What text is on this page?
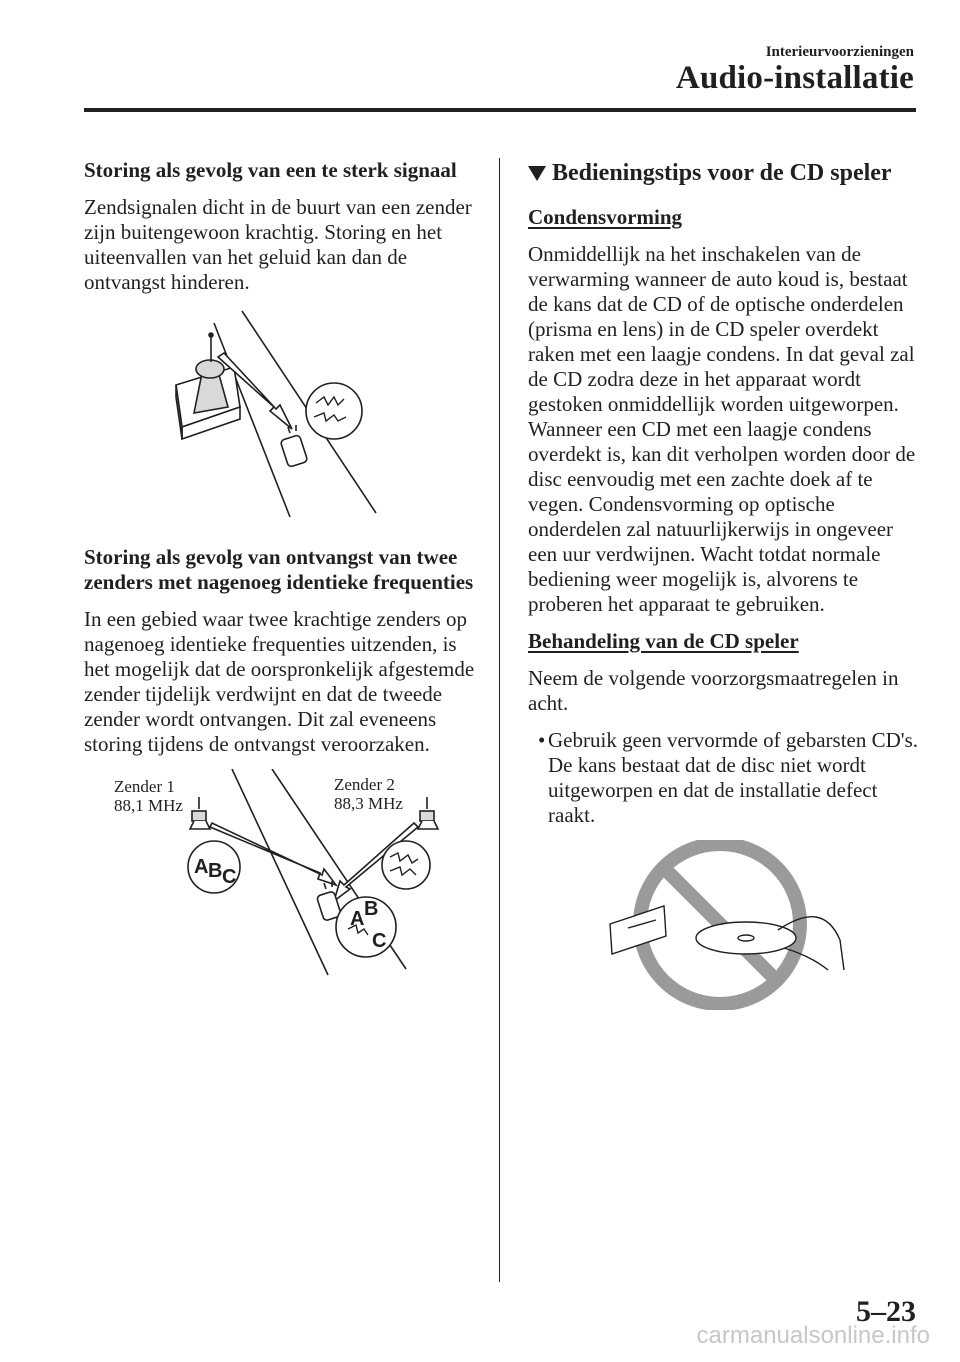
Interieurvoorzieningen
Audio-installatie

Storing als gevolg van een te sterk signaal

Zendsignalen dicht in de buurt van een zender zijn buitengewoon krachtig. Storing en het uiteenvallen van het geluid kan dan de ontvangst hinderen.

Storing als gevolg van ontvangst van twee zenders met nagenoeg identieke frequenties

In een gebied waar twee krachtige zenders op nagenoeg identieke frequenties uitzenden, is het mogelijk dat de oorspronkelijk afgestemde zender tijdelijk verdwijnt en dat de tweede zender wordt ontvangen. Dit zal eveneens storing tijdens de ontvangst veroorzaken.

A B C
A B
C
Zender 1
88,1 MHz
Zender 2
88,3 MHz
Bedieningstips voor de CD speler

Condensvorming

Onmiddellijk na het inschakelen van de verwarming wanneer de auto koud is, bestaat de kans dat de CD of de optische onderdelen (prisma en lens) in de CD speler overdekt raken met een laagje condens. In dat geval zal de CD zodra deze in het apparaat wordt gestoken onmiddellijk worden uitgeworpen. Wanneer een CD met een laagje condens overdekt is, kan dit verholpen worden door de disc eenvoudig met een zachte doek af te vegen. Condensvorming op optische onderdelen zal natuurlijkerwijs in ongeveer een uur verdwijnen. Wacht totdat normale bediening weer mogelijk is, alvorens te proberen het apparaat te gebruiken.

Behandeling van de CD speler

Neem de volgende voorzorgsmaatregelen in acht.

• Gebruik geen vervormde of gebarsten CD's. De kans bestaat dat de disc niet wordt uitgeworpen en dat de installatie defect raakt.
5–23
carmanualsonline.info
